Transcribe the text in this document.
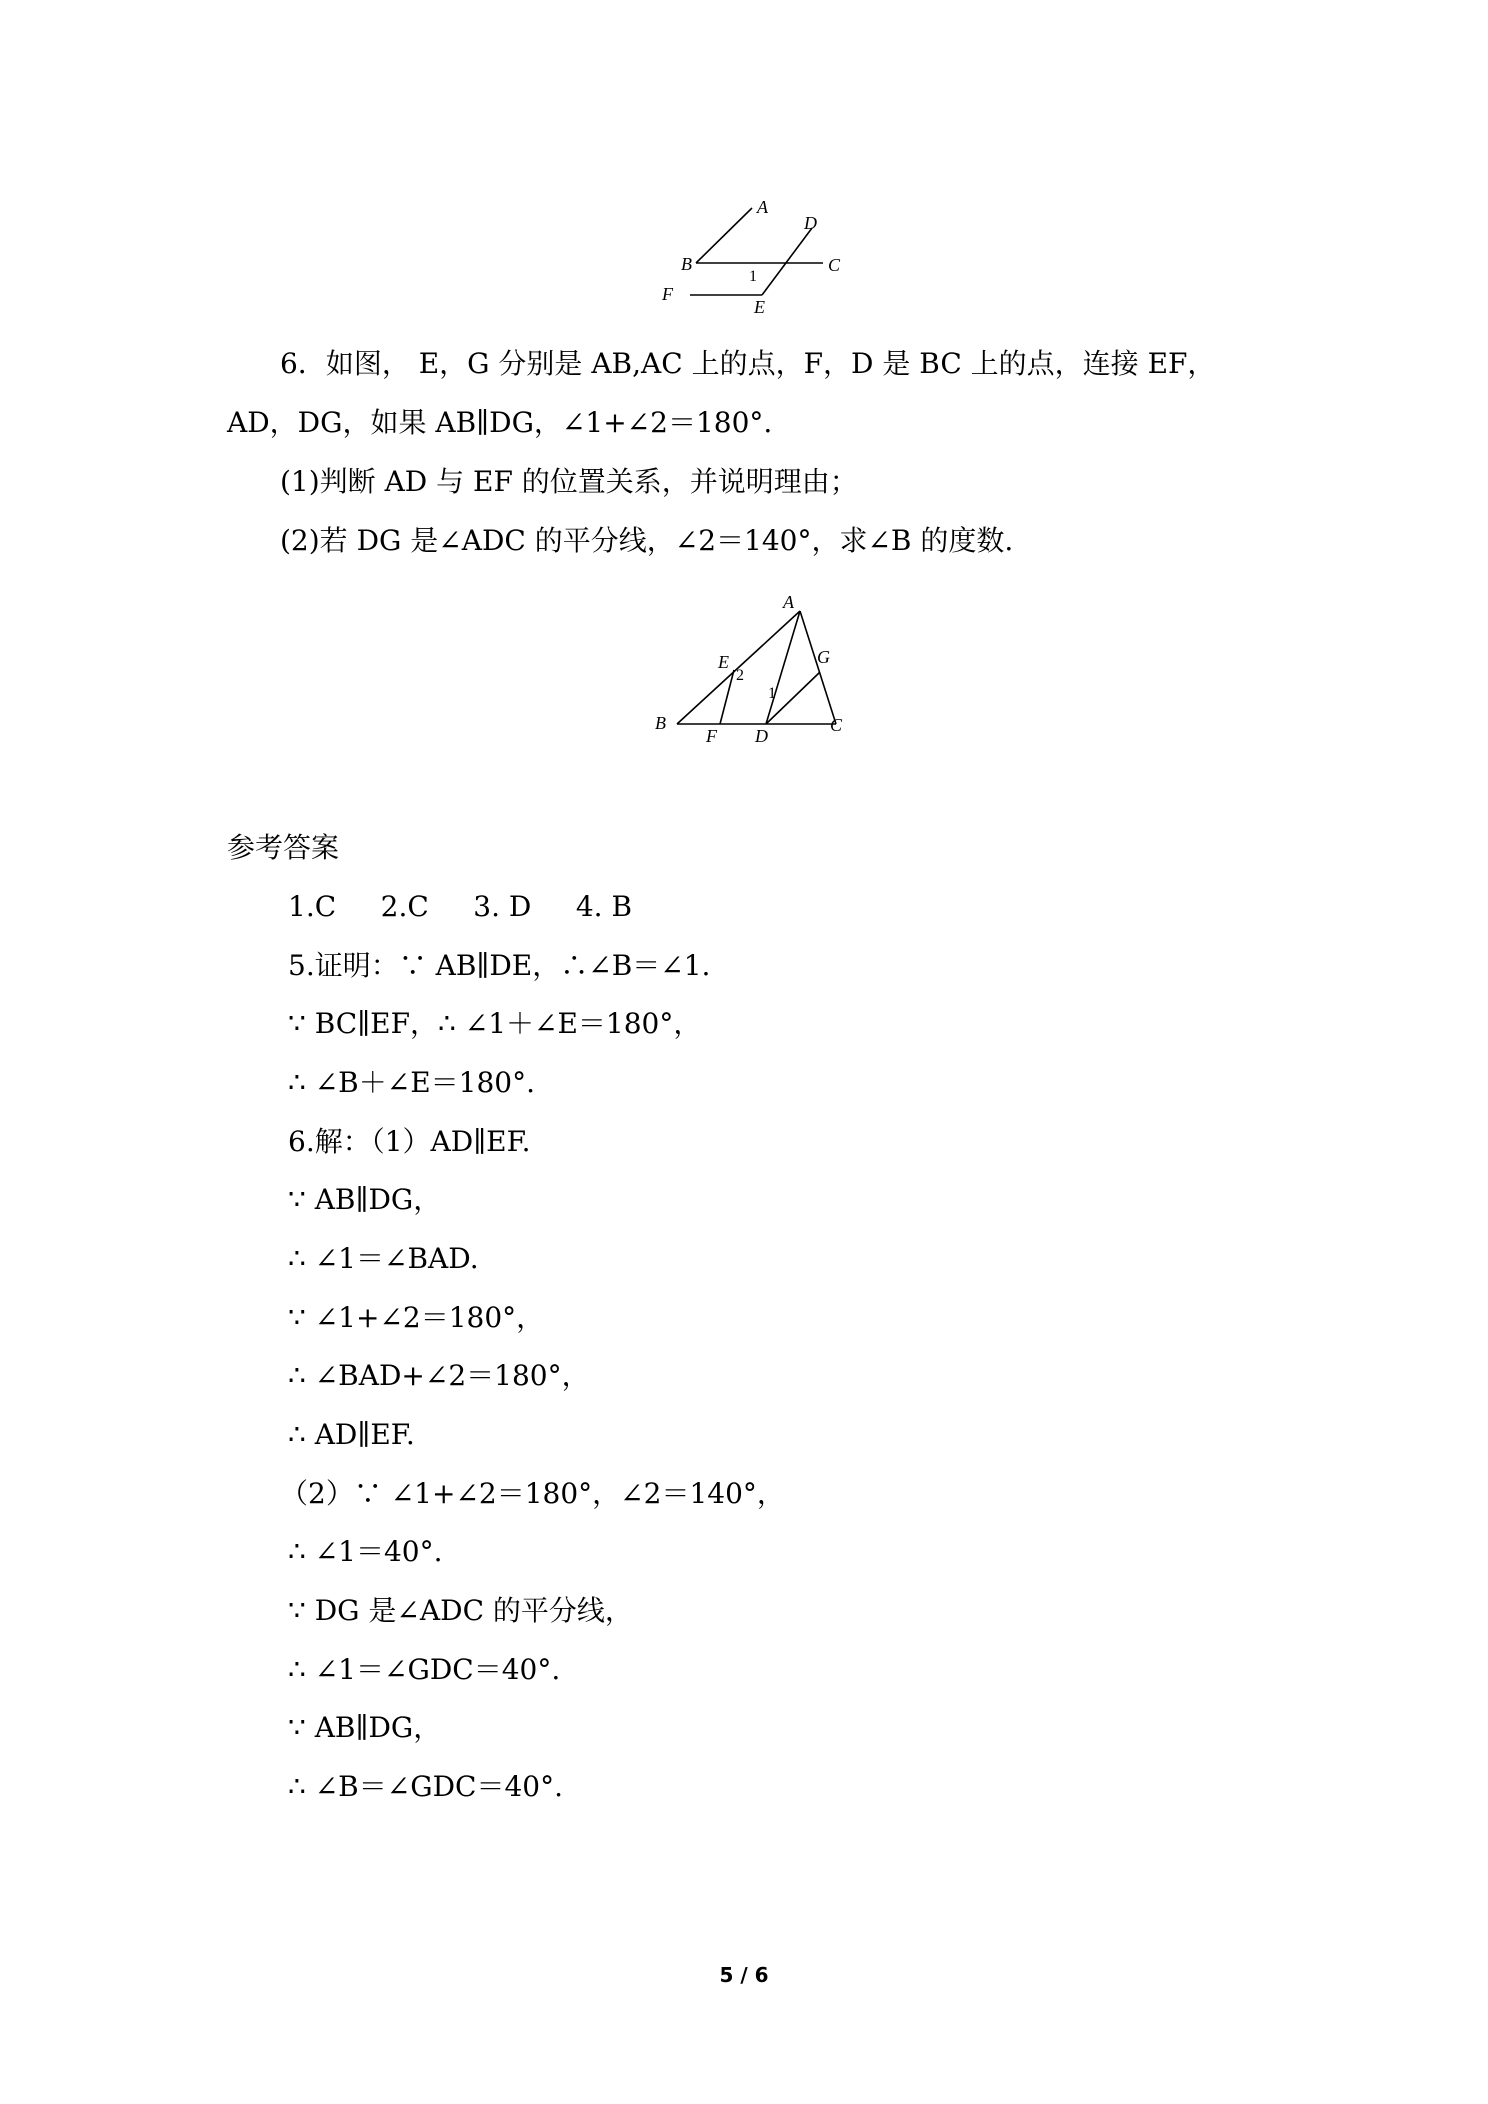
A
D
B
1
C
F
E
6．如图， E，G 分别是 AB,AC 上的点，F，D 是 BC 上的点，连接 EF，
AD，DG，如果 AB∥DG，∠1+∠2＝180°.
(1)判断 AD 与 EF 的位置关系，并说明理由；
(2)若 DG 是∠ADC 的平分线，∠2＝140°，求∠B 的度数.
A
E
2
G
1
B
F D
C
参考答案
1.C     2.C     3. D     4. B
5.证明：∵ AB∥DE，∴∠B＝∠1.
∵ BC∥EF，∴ ∠1＋∠E＝180°，
∴ ∠B＋∠E＝180°.
6.解：（1）AD∥EF.
∵ AB∥DG，
∴ ∠1＝∠BAD.
∵ ∠1+∠2＝180°，
∴ ∠BAD+∠2＝180°，
∴ AD∥EF.
（2）∵ ∠1+∠2＝180°，∠2＝140°，
∴ ∠1＝40°.
∵ DG 是∠ADC 的平分线，
∴ ∠1＝∠GDC＝40°.
∵ AB∥DG，
∴ ∠B＝∠GDC＝40°.
5 / 6
